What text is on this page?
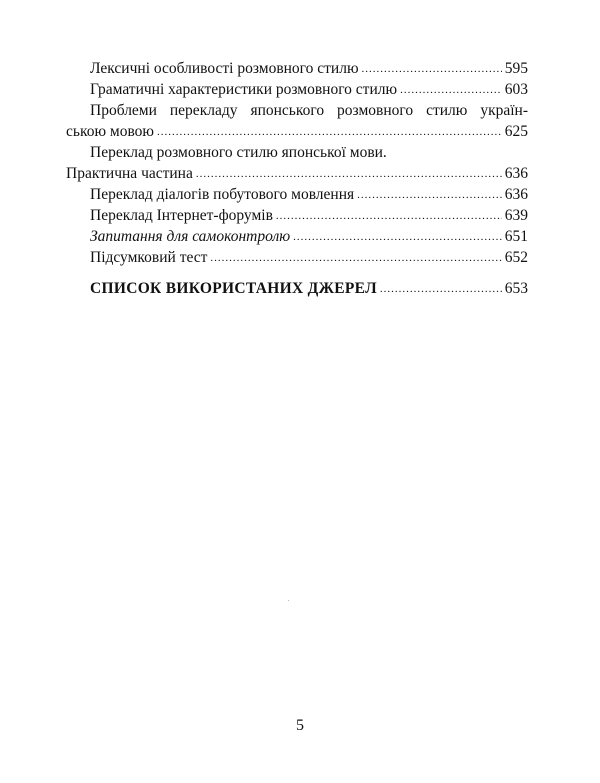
Лексичні особливості розмовного стилю .....	595
Граматичні характеристики розмовного стилю .....	603
Проблеми перекладу японського розмовного стилю україн-
ською мовою .....	625
Переклад розмовного стилю японської мови.
Практична частина .....	636
Переклад діалогів побутового мовлення .....	636
Переклад Інтернет-форумів .....	639
Запитання для самоконтролю .....	651
Підсумковий тест .....	652
СПИСОК ВИКОРИСТАНИХ ДЖЕРЕЛ .....	653
5
